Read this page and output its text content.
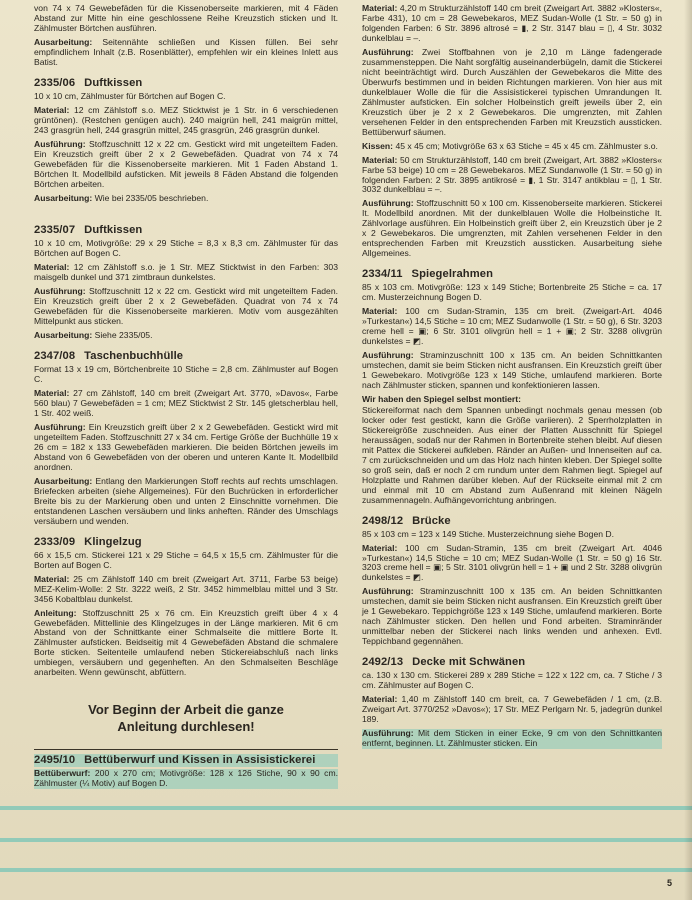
von 74 x 74 Gewebefäden für die Kissenoberseite markieren, mit 4 Fäden Abstand zur Mitte hin eine geschlossene Reihe Kreuzstich sticken und It. Zählmuster Börtchen ausführen.

Ausarbeitung: Seitennähte schließen und Kissen füllen. Bei sehr empfindlichem Inhalt (z.B. Rosenblätter), empfehlen wir ein kleines Inlett aus Batist.

2335/06 Duftkissen

10 x 10 cm, Zählmuster für Börtchen auf Bogen C.

Material: 12 cm Zählstoff s.o. MEZ Sticktwist je 1 Str. in 6 verschiedenen grüntönen). (Restchen genügen auch). 240 maigrün hell, 241 maigrün mittel, 243 grasgrün hell, 244 grasgrün mittel, 245 grasgrün, 246 grasgrün dunkel.

Ausführung: Stoffzuschnitt 12 x 22 cm. Gestickt wird mit ungeteiltem Faden. Ein Kreuzstich greift über 2 x 2 Gewebefäden. Quadrat von 74 x 74 Gewebefäden für die Kissenoberseite markieren. Mit 1 Faden Abstand 1. Börtchen It. Modellbild aufsticken. Mit jeweils 8 Fäden Abstand die folgenden Börtchen arbeiten.

Ausarbeitung: Wie bei 2335/05 beschrieben.

2335/07 Duftkissen

10 x 10 cm, Motivgröße: 29 x 29 Stiche = 8,3 x 8,3 cm. Zählmuster für das Börtchen auf Bogen C.

Material: 12 cm Zählstoff s.o. je 1 Str. MEZ Sticktwist in den Farben: 303 maisgelb dunkel und 371 zimtbraun dunkelstes.

Ausführung: Stoffzuschnitt 12 x 22 cm. Gestickt wird mit ungeteiltem Faden. Ein Kreuzstich greift über 2 x 2 Gewebefäden. Quadrat von 74 x 74 Gewebefäden für die Kissenoberseite markieren. Motiv vom ausgezählten Mittelpunkt aus sticken.

Ausarbeitung: Siehe 2335/05.

2347/08 Taschenbuchhülle

Format 13 x 19 cm, Börtchenbreite 10 Stiche = 2,8 cm. Zählmuster auf Bogen C.

Material: 27 cm Zählstoff, 140 cm breit (Zweigart Art. 3770, »Davos«, Farbe 560 blau) 7 Gewebefäden = 1 cm; MEZ Sticktwist 2 Str. 145 gletscherblau hell, 1 Str. 402 weiß.

Ausführung: Ein Kreuzstich greift über 2 x 2 Gewebefäden. Gestickt wird mit ungeteiltem Faden. Stoffzuschnitt 27 x 34 cm. Fertige Größe der Buchhülle 19 x 26 cm = 182 x 133 Gewebefäden markieren. Die beiden Börtchen jeweils im Abstand von 6 Gewebefäden von der oberen und unteren Kante It. Modellbild anordnen.

Ausarbeitung: Entlang den Markierungen Stoff rechts auf rechts umschlagen. Briefecken arbeiten (siehe Allgemeines). Für den Buchrücken in erforderlicher Breite bis zu der Markierung oben und unten 2 Einschnitte vornehmen. Die entstandenen Laschen versäubern und links anheften. Ränder des Umschlags versäubern und wenden.

2333/09 Klingelzug

66 x 15,5 cm. Stickerei 121 x 29 Stiche = 64,5 x 15,5 cm. Zählmuster für die Borten auf Bogen C.

Material: 25 cm Zählstoff 140 cm breit (Zweigart Art. 3711, Farbe 53 beige) MEZ-Kelim-Wolle: 2 Str. 3222 weiß, 2 Str. 3452 himmelblau mittel und 3 Str. 3456 Kobaltblau dunkelst.

Anleitung: Stoffzuschnitt 25 x 76 cm. Ein Kreuzstich greift über 4 x 4 Gewebefäden. Mittellinie des Klingelzuges in der Länge markieren. Mit 6 cm Abstand von der Schnittkante einer Schmalseite die mittlere Borte It. Zählmuster aufsticken. Beidseitig mit 4 Gewebefäden Abstand die schmalere Borte sticken. Seitenteile umlaufend neben Stickereiabschluß nach links umbiegen, versäubern und gegenheften. An den Schmalseiten Beschläge anarbeiten. Wenn gewünscht, abfüttern.

Vor Beginn der Arbeit die ganze
Anleitung durchlesen!
2495/10 Bettüberwurf und Kissen in Assisistickerei

Bettüberwurf: 200 x 270 cm; Motivgröße: 128 x 126 Stiche, 90 x 90 cm. Zählmuster (¼ Motiv) auf Bogen D.

Material: 4,20 m Strukturzählstoff 140 cm breit (Zweigart Art. 3882 »Klosters«, Farbe 431), 10 cm = 28 Gewebekaros, MEZ Sudan-Wolle (1 Str. = 50 g) in folgenden Farben: 6 Str. 3896 altrosé = ▮, 2 Str. 3147 blau = ▯, 4 Str. 3032 dunkelblau = –.

Ausführung: Zwei Stoffbahnen von je 2,10 m Länge fadengerade zusammensteppen. Die Naht sorgfältig auseinanderbügeln, damit die Stickerei nicht beeinträchtigt wird. Durch Auszählen der Gewebekaros die Mitte des Überwurfs bestimmen und in beiden Richtungen markieren. Von hier aus mit dunkelblauer Wolle die für die Assisistickerei typischen Umrandungen It. Zählmuster aufsticken. Ein solcher Holbeinstich greift jeweils über 2, ein Kreuzstich über je 2 x 2 Gewebekaros. Die umgrenzten, mit Zahlen versehenen Felder in den entsprechenden Farben mit Kreuzstich aussticken. Bettüberwurf säumen.

Kissen: 45 x 45 cm; Motivgröße 63 x 63 Stiche = 45 x 45 cm. Zählmuster s.o.

Material: 50 cm Strukturzählstoff, 140 cm breit (Zweigart, Art. 3882 »Klosters« Farbe 53 beige) 10 cm = 28 Gewebekaros. MEZ Sundanwolle (1 Str. = 50 g) in folgenden Farben: 2 Str. 3895 antikrosé = ▮, 1 Str. 3147 antikblau = ▯, 1 Str. 3032 dunkelblau = –.

Ausführung: Stoffzuschnitt 50 x 100 cm. Kissenoberseite markieren. Stickerei It. Modellbild anordnen. Mit der dunkelblauen Wolle die Holbeinstiche It. Zählvorlage ausführen. Ein Holbeinstich greift über 2, ein Kreuzstich über je 2 x 2 Gewebekaros. Die umgrenzten, mit Zahlen versehenen Felder in den entsprechenden Farben mit Kreuzstich aussticken. Ausarbeitung siehe Allgemeines.

2334/11 Spiegelrahmen

85 x 103 cm. Motivgröße: 123 x 149 Stiche; Bortenbreite 25 Stiche = ca. 17 cm. Musterzeichnung Bogen D.

Material: 100 cm Sudan-Stramin, 135 cm breit. (Zweigart-Art. 4046 »Turkestan«) 14,5 Stiche = 10 cm; MEZ Sudanwolle (1 Str. = 50 g), 6 Str. 3203 creme hell = ▣; 6 Str. 3101 olivgrün hell = 1 + ▣; 2 Str. 3288 olivgrün dunkelstes = ◩.

Ausführung: Straminzuschnitt 100 x 135 cm. An beiden Schnittkanten umstechen, damit sie beim Sticken nicht ausfransen. Ein Kreuzstich greift über 1 Gewebekaro. Motivgröße 123 x 149 Stiche, umlaufend markieren. Borte nach Zählmuster sticken, spannen und konfektionieren lassen.

Wir haben den Spiegel selbst montiert:

Stickereiformat nach dem Spannen unbedingt nochmals genau messen (ob locker oder fest gestickt, kann die Größe variieren). 2 Sperrholzplatten in Stickereigröße zuschneiden. Aus einer der Platten Ausschnitt für Spiegel heraussägen, sodaß nur der Rahmen in Bortenbreite stehen bleibt. Auf diesen mit Pattex die Stickerei aufkleben. Ränder an Außen- und Innenseiten auf ca. 7 cm zurückschneiden und um das Holz nach hinten kleben. Der Spiegel sollte so groß sein, daß er noch 2 cm rundum unter dem Rahmen liegt. Spiegel auf Holzplatte und Rahmen darüber kleben. Auf der Rückseite einmal mit 2 cm und einmal mit 10 cm Abstand zum Außenrand mit kleinen Nägeln zusammennageln. Aufhängevorrichtung anbringen.

2498/12 Brücke

85 x 103 cm = 123 x 149 Stiche. Musterzeichnung siehe Bogen D.

Material: 100 cm Sudan-Stramin, 135 cm breit (Zweigart Art. 4046 »Turkestan«) 14,5 Stiche = 10 cm; MEZ Sudan-Wolle (1 Str. = 50 g) 16 Str. 3203 creme hell = ▣; 5 Str. 3101 olivgrün hell = 1 + ▣ und 2 Str. 3288 olivgrün dunkelstes = ◩.

Ausführung: Straminzuschnitt 100 x 135 cm. An beiden Schnittkanten umstechen, damit sie beim Sticken nicht ausfransen. Ein Kreuzstich greift über je 1 Gewebekaro. Teppichgröße 123 x 149 Stiche, umlaufend markieren. Borte nach Zählmuster sticken. Den hellen und Fond arbeiten. Straminränder unmittelbar neben der Stickerei nach links wenden und anhexen. Evtl. Teppichband gegennähen.

2492/13 Decke mit Schwänen

ca. 130 x 130 cm. Stickerei 289 x 289 Stiche = 122 x 122 cm, ca. 7 Stiche / 3 cm. Zählmuster auf Bogen C.

Material: 1,40 m Zählstoff 140 cm breit, ca. 7 Gewebefäden / 1 cm, (z.B. Zweigart Art. 3770/252 »Davos«); 17 Str. MEZ Perlgarn Nr. 5, jadegrün dunkel 189.

Ausführung: Mit dem Sticken in einer Ecke, 9 cm von den Schnittkanten entfernt, beginnen. Lt. Zählmuster sticken. Ein

5
